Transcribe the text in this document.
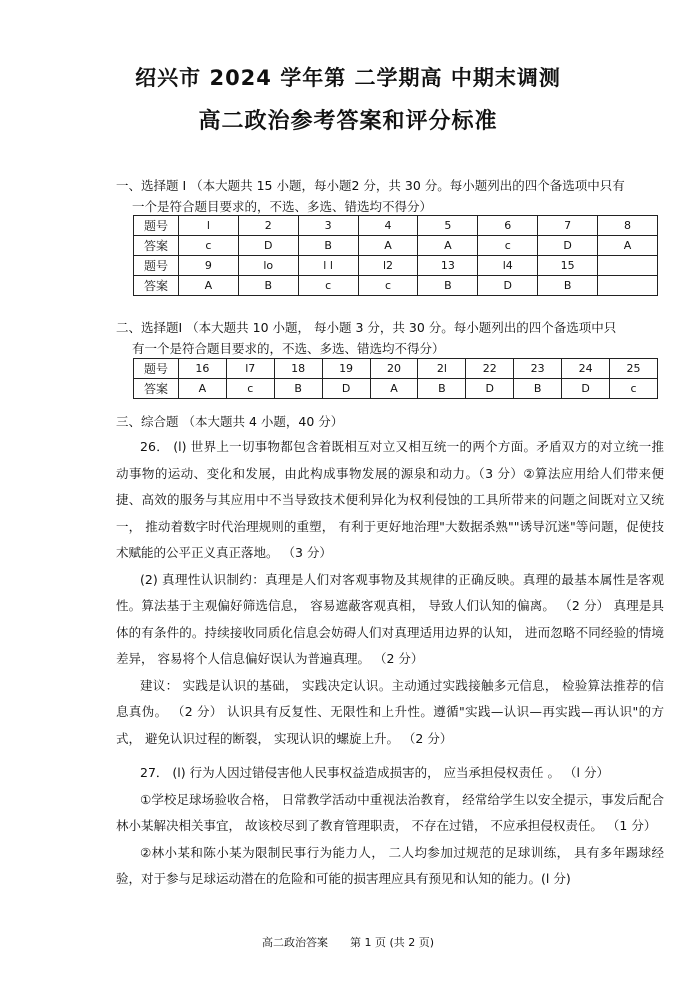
绍兴市 2024 学年第 二学期高 中期末调测
高二政治参考答案和评分标准
一、选择题 I （本大题共 15 小题，每小题2 分，共 30 分。每小题列出的四个备选项中只有
一个是符合题目要求的，不选、多选、错选均不得分）
题号	l	2	3	4	5	6	7	8
答案	c	D	B	A	A	c	D	A
题号	9	lo	l l	l2	13	l4	15	
答案	A	B	c	c	B	D	B	
二、选择题I （本大题共 10 小题， 每小题 3 分，共 30 分。每小题列出的四个备选项中只
有一个是符合题目要求的，不选、多选、错选均不得分）
题号	16	l7	18	19	20	2l	22	23	24	25
答案	A	c	B	D	A	B	D	B	D	c
三、综合题 （本大题共 4 小题，40 分）

26． (l) 世界上一切事物都包含着既相互对立又相互统一的两个方面。矛盾双方的对立统一推动事物的运动、变化和发展，由此构成事物发展的源泉和动力。（3 分）②算法应用给人们带来便捷、高效的服务与其应用中不当导致技术便利异化为权利侵蚀的工具所带来的问题之间既对立又统一， 推动着数字时代治理规则的重塑， 有利于更好地治理"大数据杀熟""诱导沉迷"等问题，促使技术赋能的公平正义真正落地。 （3 分）

(2) 真理性认识制约：真理是人们对客观事物及其规律的正确反映。真理的最基本属性是客观性。算法基于主观偏好筛选信息， 容易遮蔽客观真相， 导致人们认知的偏离。 （2 分） 真理是具体的有条件的。持续接收同质化信息会妨碍人们对真理适用边界的认知， 进而忽略不同经验的情境差异， 容易将个人信息偏好误认为普遍真理。 （2 分）

建议： 实践是认识的基础， 实践决定认识。主动通过实践接触多元信息， 检验算法推荐的信息真伪。 （2 分） 认识具有反复性、无限性和上升性。遵循"实践—认识—再实践—再认识"的方式， 避免认识过程的断裂， 实现认识的螺旋上升。 （2 分）

27． (l) 行为人因过错侵害他人民事权益造成损害的， 应当承担侵权责任 。 （l 分）

①学校足球场验收合格， 日常教学活动中重视法治教育， 经常给学生以安全提示，事发后配合林小某解决相关事宜， 故该校尽到了教育管理职责， 不存在过错， 不应承担侵权责任。 （1 分）

②林小某和陈小某为限制民事行为能力人， 二人均参加过规范的足球训练， 具有多年踢球经验，对于参与足球运动潜在的危险和可能的损害理应具有预见和认知的能力。(l 分)

高二政治答案　　第 1 页 (共 2 页)
